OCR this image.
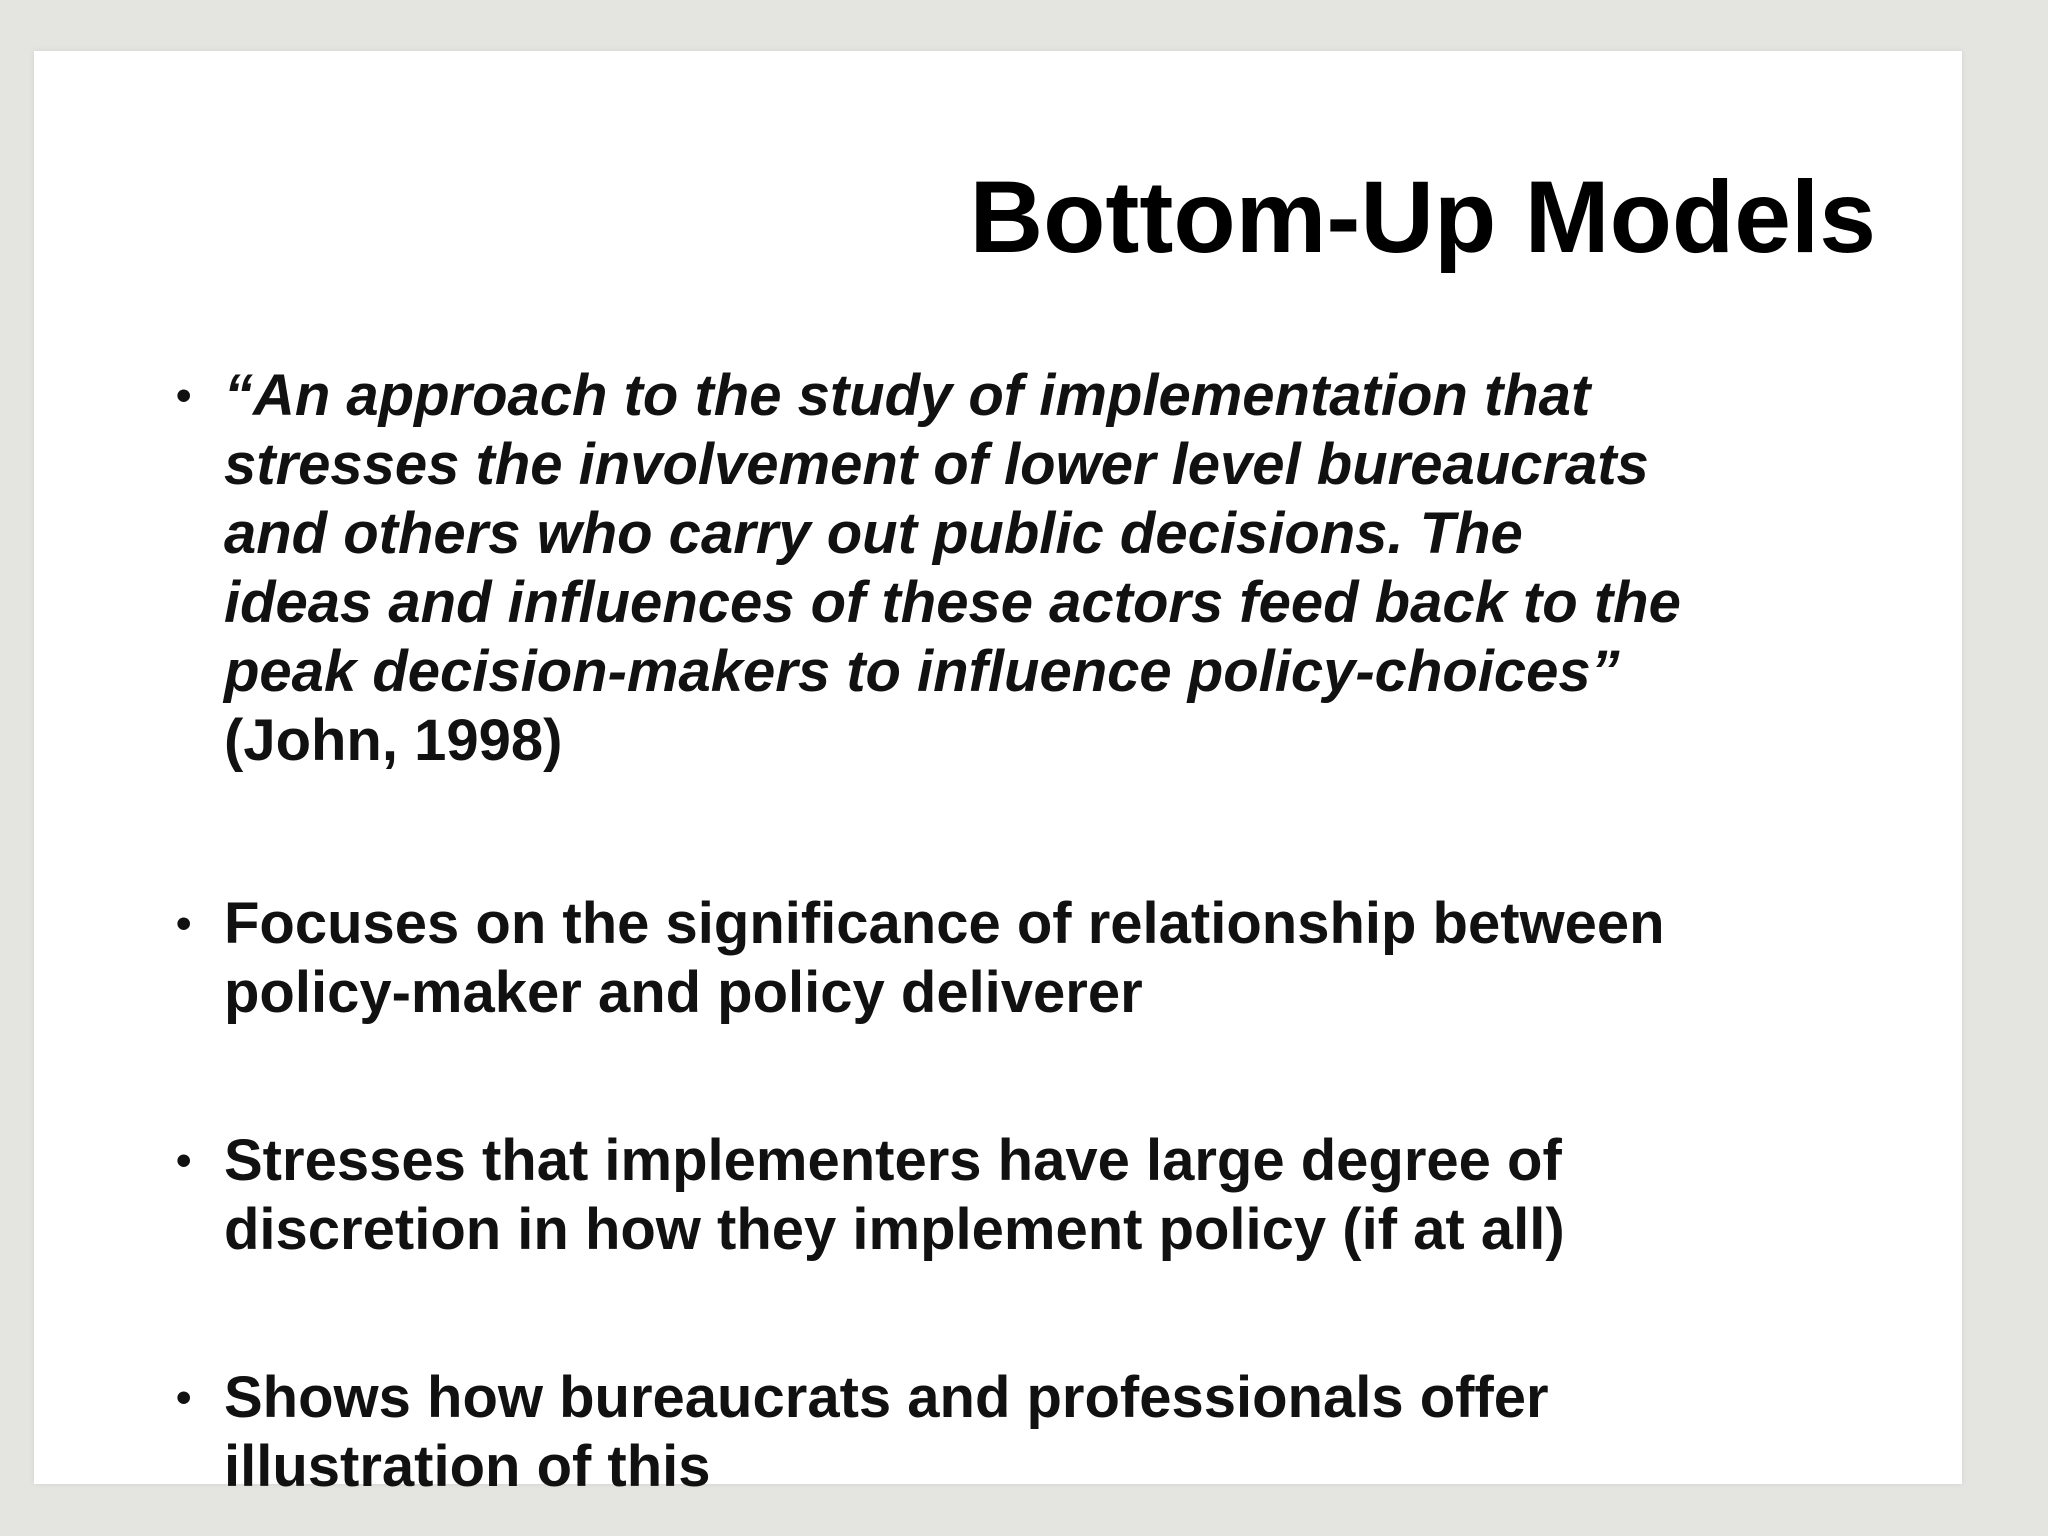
Bottom-Up Models
• “An approach to the study of implementation that
stresses the involvement of lower level bureaucrats
and others who carry out public decisions. The
ideas and influences of these actors feed back to the
peak decision-makers to influence policy-choices”
(John, 1998)
• Focuses on the significance of relationship between
policy-maker and policy deliverer
• Stresses that implementers have large degree of
discretion in how they implement policy (if at all)
• Shows how bureaucrats and professionals offer
illustration of this
